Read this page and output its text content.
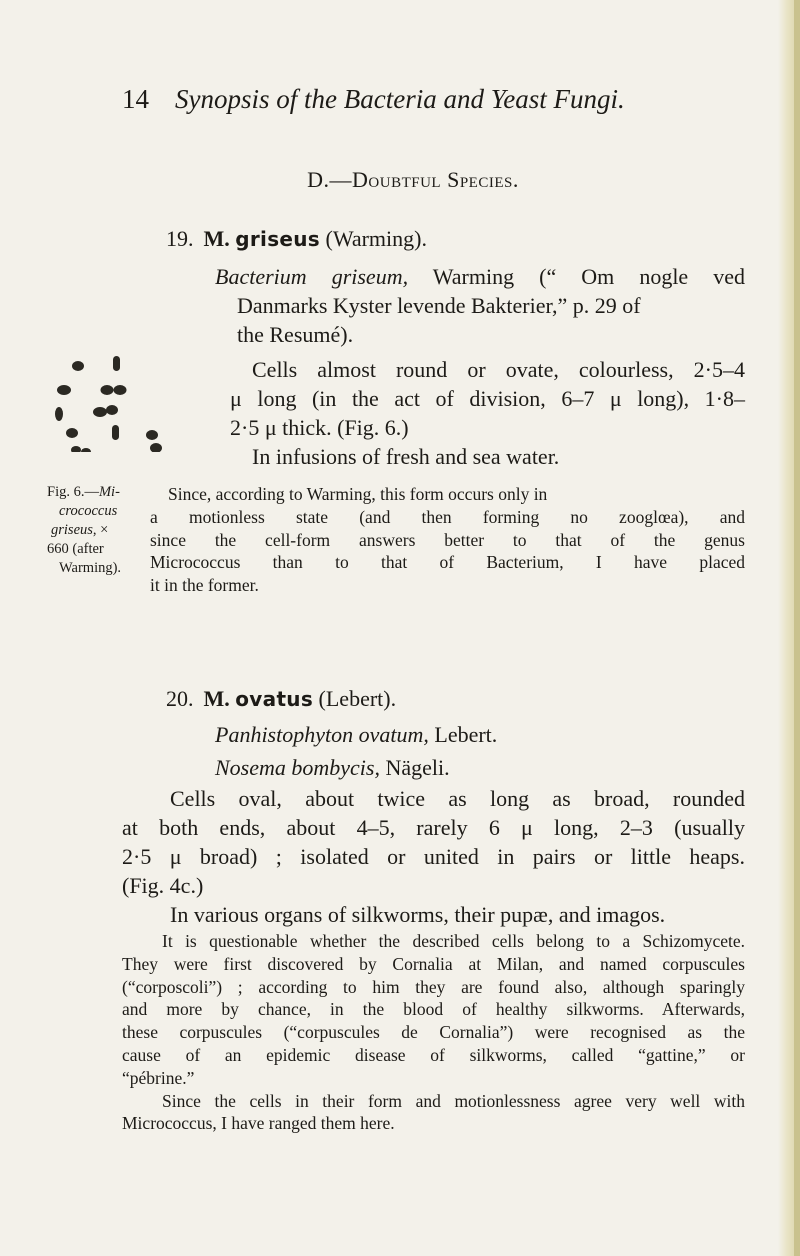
14 Synopsis of the Bacteria and Yeast Fungi.
D.—Doubtful Species.
19. M. griseus (Warming).
Bacterium griseum, Warming (“ Om nogle ved
Danmarks Kyster levende Bakterier,” p. 29 of
the Resumé).
Cells almost round or ovate, colourless, 2·5–4
μ long (in the act of division, 6–7 μ long), 1·8–
2·5 μ thick. (Fig. 6.)
In infusions of fresh and sea water.
Fig. 6.—Mi-
crococcus
griseus, ×
660 (after
Warming).
Since, according to Warming, this form occurs only in
a motionless state (and then forming no zooglœa), and
since the cell-form answers better to that of the genus
Micrococcus than to that of Bacterium, I have placed
it in the former.
20. M. ovatus (Lebert).
Panhistophyton ovatum, Lebert.
Nosema bombycis, Nägeli.
Cells oval, about twice as long as broad, rounded
at both ends, about 4–5, rarely 6 μ long, 2–3 (usually
2·5 μ broad) ; isolated or united in pairs or little heaps.
(Fig. 4c.)
In various organs of silkworms, their pupæ, and imagos.
It is questionable whether the described cells belong to a Schizomycete.
They were first discovered by Cornalia at Milan, and named corpuscules
(“corposcoli”) ; according to him they are found also, although sparingly
and more by chance, in the blood of healthy silkworms. Afterwards,
these corpuscules (“corpuscules de Cornalia”) were recognised as the
cause of an epidemic disease of silkworms, called “gattine,” or
“pébrine.”
Since the cells in their form and motionlessness agree very well with
Micrococcus, I have ranged them here.
